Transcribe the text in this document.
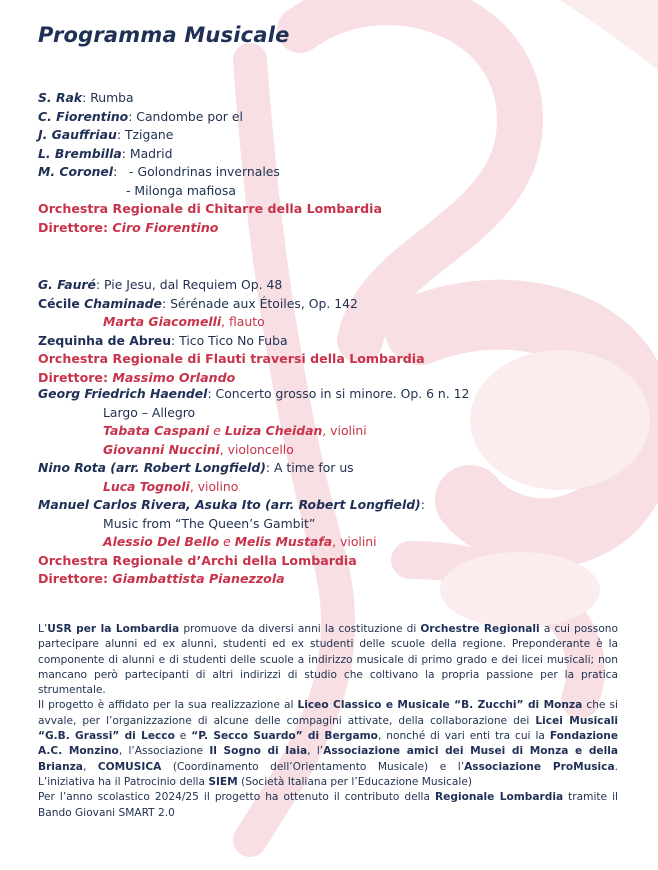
Programma Musicale
S. Rak: Rumba
C. Fiorentino: Candombe por el
J. Gauffriau: Tzigane
L. Brembilla: Madrid
M. Coronel:   - Golondrinas invernales
- Milonga mafiosa
Orchestra Regionale di Chitarre della Lombardia
Direttore: Ciro Fiorentino
G. Fauré: Pie Jesu, dal Requiem Op. 48
Cécile Chaminade: Sérénade aux Étoiles, Op. 142
Marta Giacomelli, flauto
Zequinha de Abreu: Tico Tico No Fuba
Orchestra Regionale di Flauti traversi della Lombardia
Direttore: Massimo Orlando
Georg Friedrich Haendel: Concerto grosso in si minore. Op. 6 n. 12
Largo – Allegro
Tabata Caspani e Luiza Cheidan, violini
Giovanni Nuccini, violoncello
Nino Rota (arr. Robert Longfield): A time for us
Luca Tognoli, violino
Manuel Carlos Rivera, Asuka Ito (arr. Robert Longfield):
Music from “The Queen’s Gambit”
Alessio Del Bello e Melis Mustafa, violini
Orchestra Regionale d’Archi della Lombardia
Direttore: Giambattista Pianezzola

L’USR per la Lombardia promuove da diversi anni la costituzione di Orchestre Regionali a cui possono partecipare alunni ed ex alunni, studenti ed ex studenti delle scuole della regione. Preponderante è la componente di alunni e di studenti delle scuole a indirizzo musicale di primo grado e dei licei musicali; non mancano però partecipanti di altri indirizzi di studio che coltivano la propria passione per la pratica strumentale.

Il progetto è affidato per la sua realizzazione al Liceo Classico e Musicale “B. Zucchi” di Monza che si avvale, per l’organizzazione di alcune delle compagini attivate, della collaborazione dei Licei Musicali “G.B. Grassi” di Lecco e “P. Secco Suardo” di Bergamo, nonché di vari enti tra cui la Fondazione A.C. Monzino, l’Associazione Il Sogno di Iaia, l’Associazione amici dei Musei di Monza e della Brianza, COMUSICA (Coordinamento dell’Orientamento Musicale) e l’Associazione ProMusica. L’iniziativa ha il Patrocinio della SIEM (Società Italiana per l’Educazione Musicale)

Per l’anno scolastico 2024/25 il progetto ha ottenuto il contributo della Regionale Lombardia tramite il Bando Giovani SMART 2.0
